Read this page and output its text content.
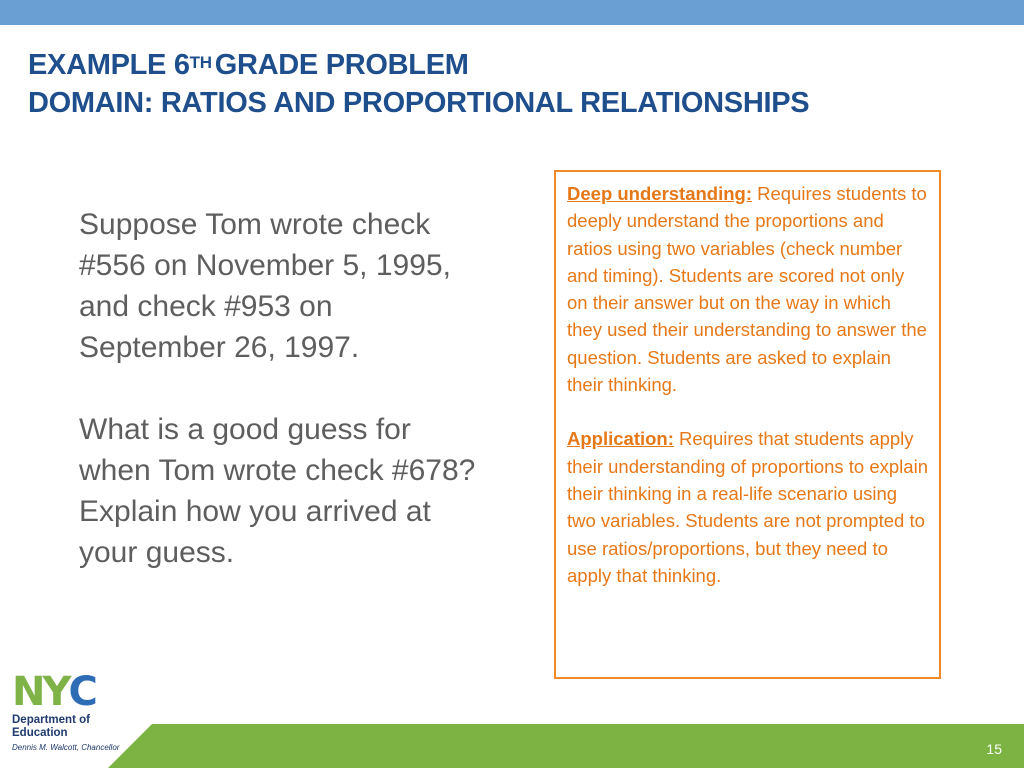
EXAMPLE 6TH GRADE PROBLEM
DOMAIN: RATIOS AND PROPORTIONAL RELATIONSHIPS

Suppose Tom wrote check #556 on November 5, 1995, and check #953 on September 26, 1997.

What is a good guess for when Tom wrote check #678? Explain how you arrived at your guess.

Deep understanding: Requires students to deeply understand the proportions and ratios using two variables (check number and timing). Students are scored not only on their answer but on the way in which they used their understanding to answer the question. Students are asked to explain their thinking.

Application: Requires that students apply their understanding of proportions to explain their thinking in a real-life scenario using two variables. Students are not prompted to use ratios/proportions, but they need to apply that thinking.

N Y C
Department of Education
Dennis M. Walcott, Chancellor	15
